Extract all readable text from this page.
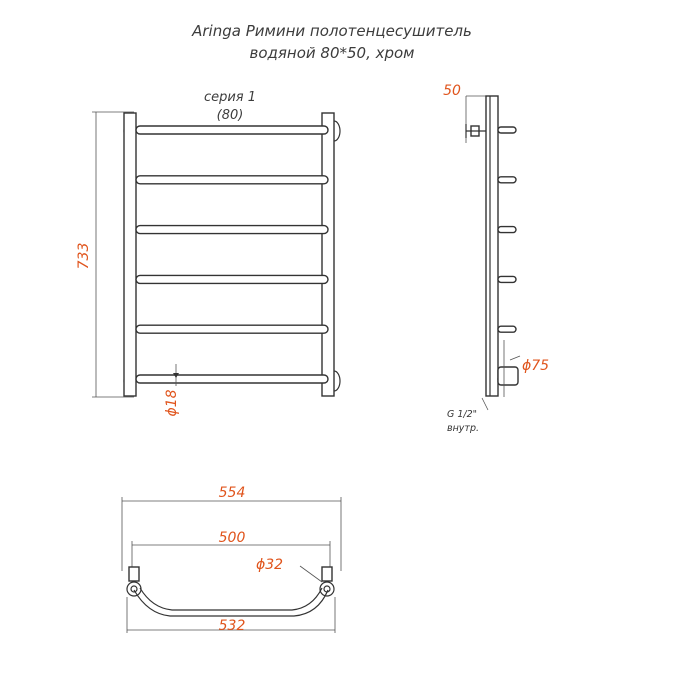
Aringa Римини полотенцесушитель
водяной 80*50, хром
серия 1
(80)
733
ϕ18
50
ϕ75
G 1/2"
внутр.
554
500
ϕ32
532
